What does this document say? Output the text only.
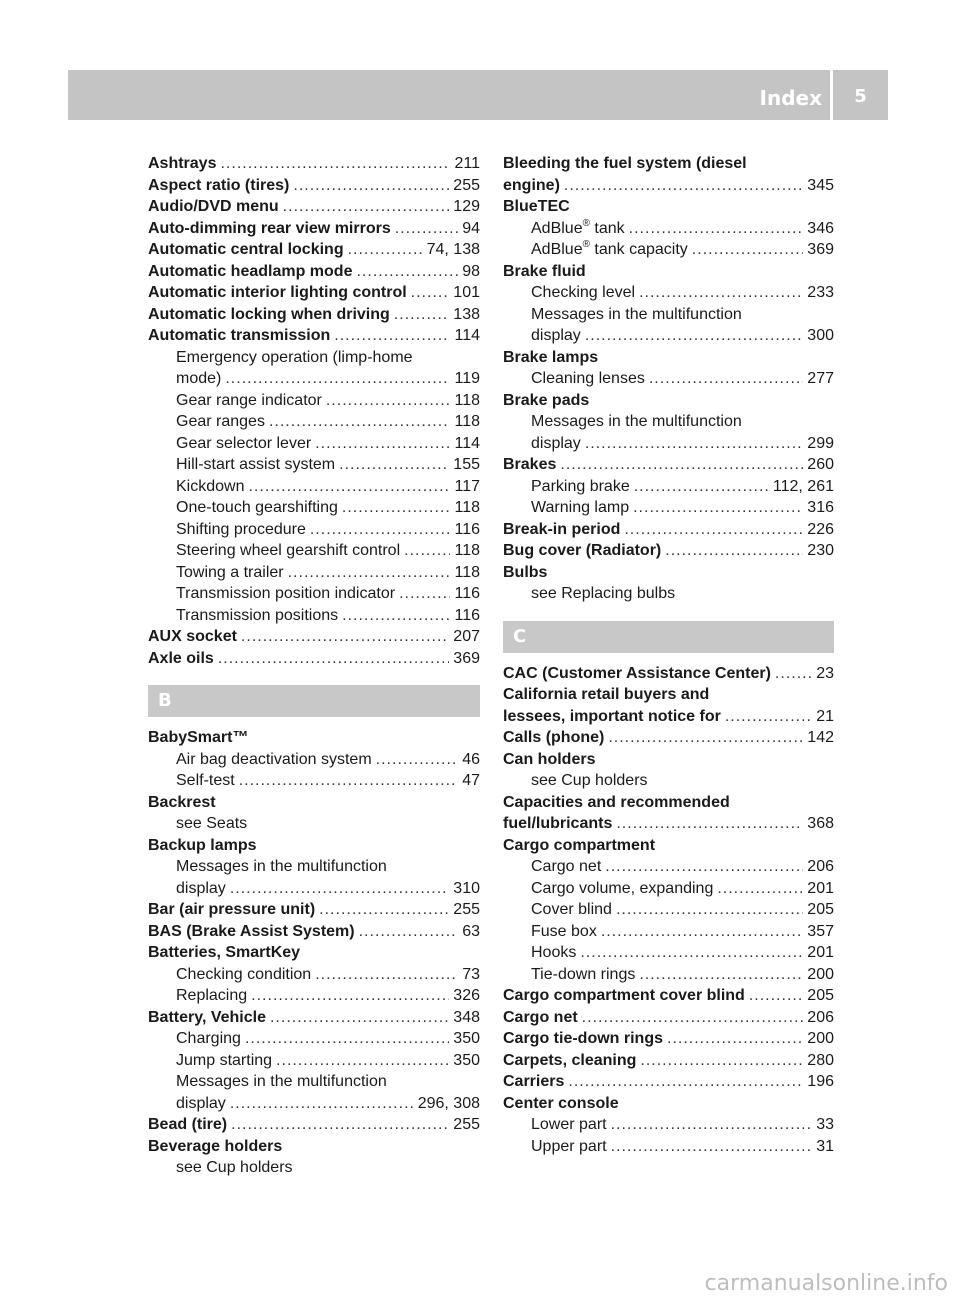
Index	5
Ashtrays .....	211
Aspect ratio (tires) .....	255
Audio/DVD menu .....	129
Auto-dimming rear view mirrors .....	94
Automatic central locking .....	74, 138
Automatic headlamp mode .....	98
Automatic interior lighting control .....	101
Automatic locking when driving .....	138
Automatic transmission .....	114
Emergency operation (limp-home
mode) .....	119
Gear range indicator .....	118
Gear ranges .....	118
Gear selector lever .....	114
Hill-start assist system .....	155
Kickdown .....	117
One-touch gearshifting .....	118
Shifting procedure .....	116
Steering wheel gearshift control .....	118
Towing a trailer .....	118
Transmission position indicator .....	116
Transmission positions .....	116
AUX socket .....	207
Axle oils .....	369
B
BabySmart™
Air bag deactivation system .....	46
Self-test .....	47
Backrest
see Seats
Backup lamps
Messages in the multifunction
display .....	310
Bar (air pressure unit) .....	255
BAS (Brake Assist System) .....	63
Batteries, SmartKey
Checking condition .....	73
Replacing .....	326
Battery, Vehicle .....	348
Charging .....	350
Jump starting .....	350
Messages in the multifunction
display .....	296, 308
Bead (tire) .....	255
Beverage holders
see Cup holders
Bleeding the fuel system (diesel
engine) .....	345
BlueTEC
AdBlue® tank .....	346
AdBlue® tank capacity .....	369
Brake fluid
Checking level .....	233
Messages in the multifunction
display .....	300
Brake lamps
Cleaning lenses .....	277
Brake pads
Messages in the multifunction
display .....	299
Brakes .....	260
Parking brake .....	112, 261
Warning lamp .....	316
Break-in period .....	226
Bug cover (Radiator) .....	230
Bulbs
see Replacing bulbs
C
CAC (Customer Assistance Center) .....	23
California retail buyers and
lessees, important notice for .....	21
Calls (phone) .....	142
Can holders
see Cup holders
Capacities and recommended
fuel/lubricants .....	368
Cargo compartment
Cargo net .....	206
Cargo volume, expanding .....	201
Cover blind .....	205
Fuse box .....	357
Hooks .....	201
Tie-down rings .....	200
Cargo compartment cover blind .....	205
Cargo net .....	206
Cargo tie-down rings .....	200
Carpets, cleaning .....	280
Carriers .....	196
Center console
Lower part .....	33
Upper part .....	31
carmanualsonline.info
